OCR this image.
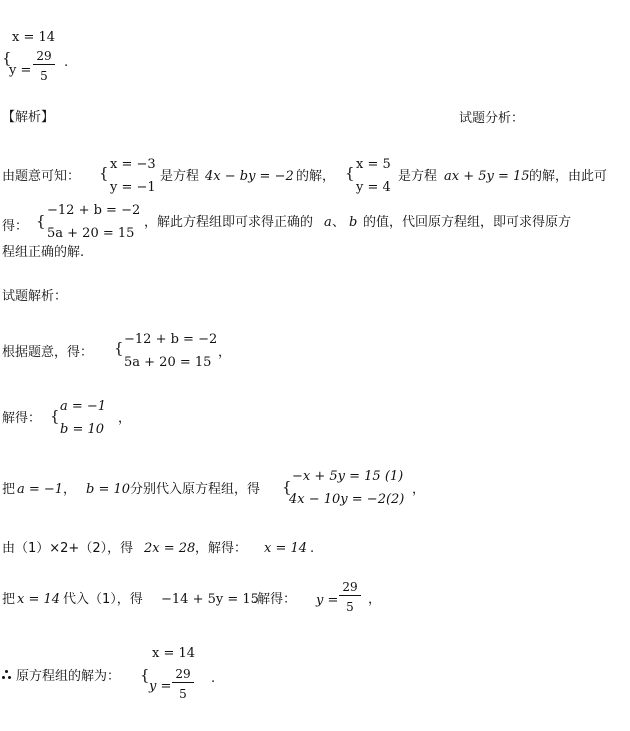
x = 14
{
y =
29
5
.
【解析】	试题分析：
由题意可知： { x = −3
y = −1
是方程 4x − by = −2 的解， { x = 5
y = 4
是方程 ax + 5y = 15 的解，由此可
得： {
−12 + b = −2
5a + 20 = 15
，解此方程组即可求得正确的 a 、 b 的值，代回原方程组，即可求得原方
程组正确的解.
试题解析：
根据题意，得： { −12 + b = −2
5a + 20 = 15
，
解得： {
a = −1
b = 10
，
把 a = −1 ， b = 10 分别代入原方程组，得 {
−x + 5y = 15 (1)
4x − 10y = −2(2)
，
由（1）×2+（2），得 2x = 28 ，解得： x = 14 .
把 x = 14 代入（1），得 −14 + 5y = 15
.解得： y =
29
5	，
原方程组的解为：
x = 14
{
y =
29
5
.
